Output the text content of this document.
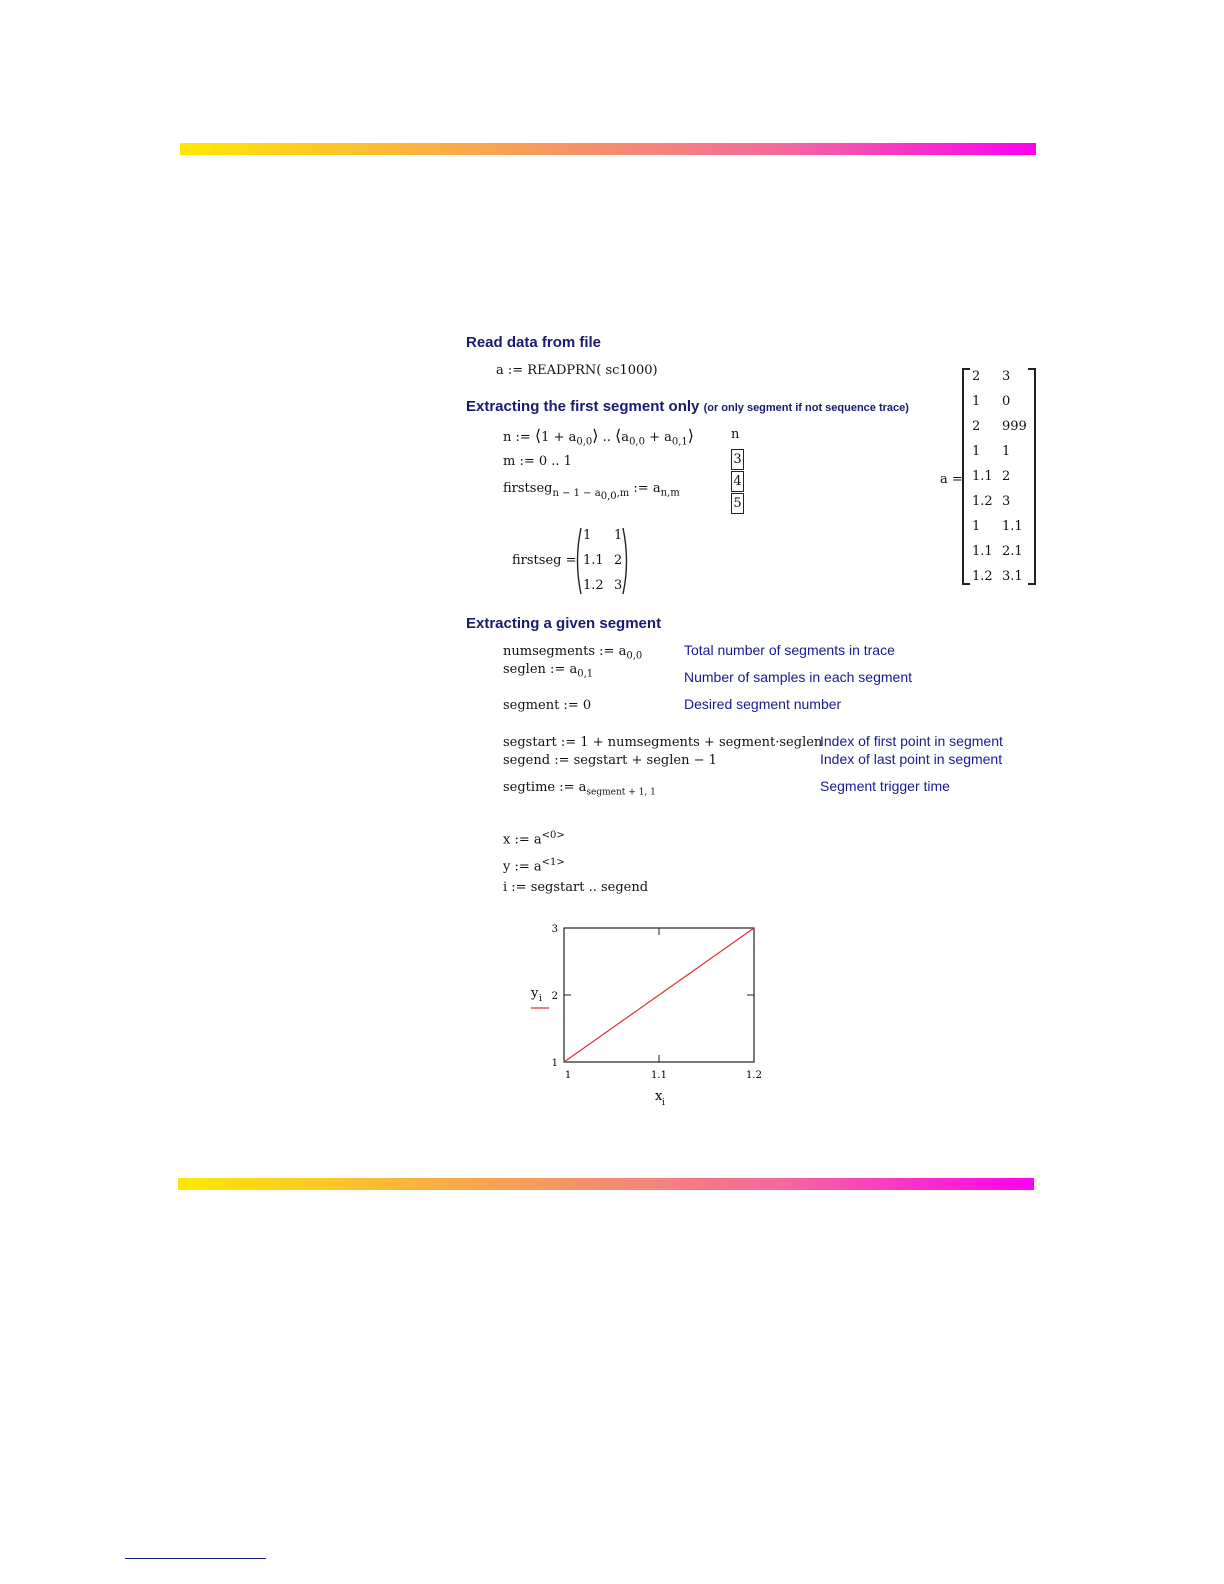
Read data from file
a := READPRN( sc1000)
Extracting the first segment only (or only segment if not sequence trace)
n := ⟨1 + $a_{0,0}⟩$ .. $⟨a_{0,0}$ + $a_{0,1}⟩$
m := 0 .. 1
firstseg$_{n - 1 - a_{0,0},m}$ := $a_{n,m}$
n
3
4
5
firstseg =
1 1
1.1 2
1.2 3
a =
2 3
1 0
2 999
1 1
1.1 2
1.2 3
1 1.1
1.1 2.1
1.2 3.1
Extracting a given segment
numsegments := $a_{0,0}$
seglen := $a_{0,1}$
segment := 0
segstart := 1 + numsegments + segment·seglen
segend := segstart + seglen − 1
segtime := $a_{segment + 1, 1}$
Total number of segments in trace
Number of samples in each segment
Desired segment number
Index of first point in segment
Index of last point in segment
Segment trigger time
x := $a^{<0>}$
y := $a^{<1>}$
i := segstart .. segend
1	1.1	1.2
1
2
3
y i
x i
